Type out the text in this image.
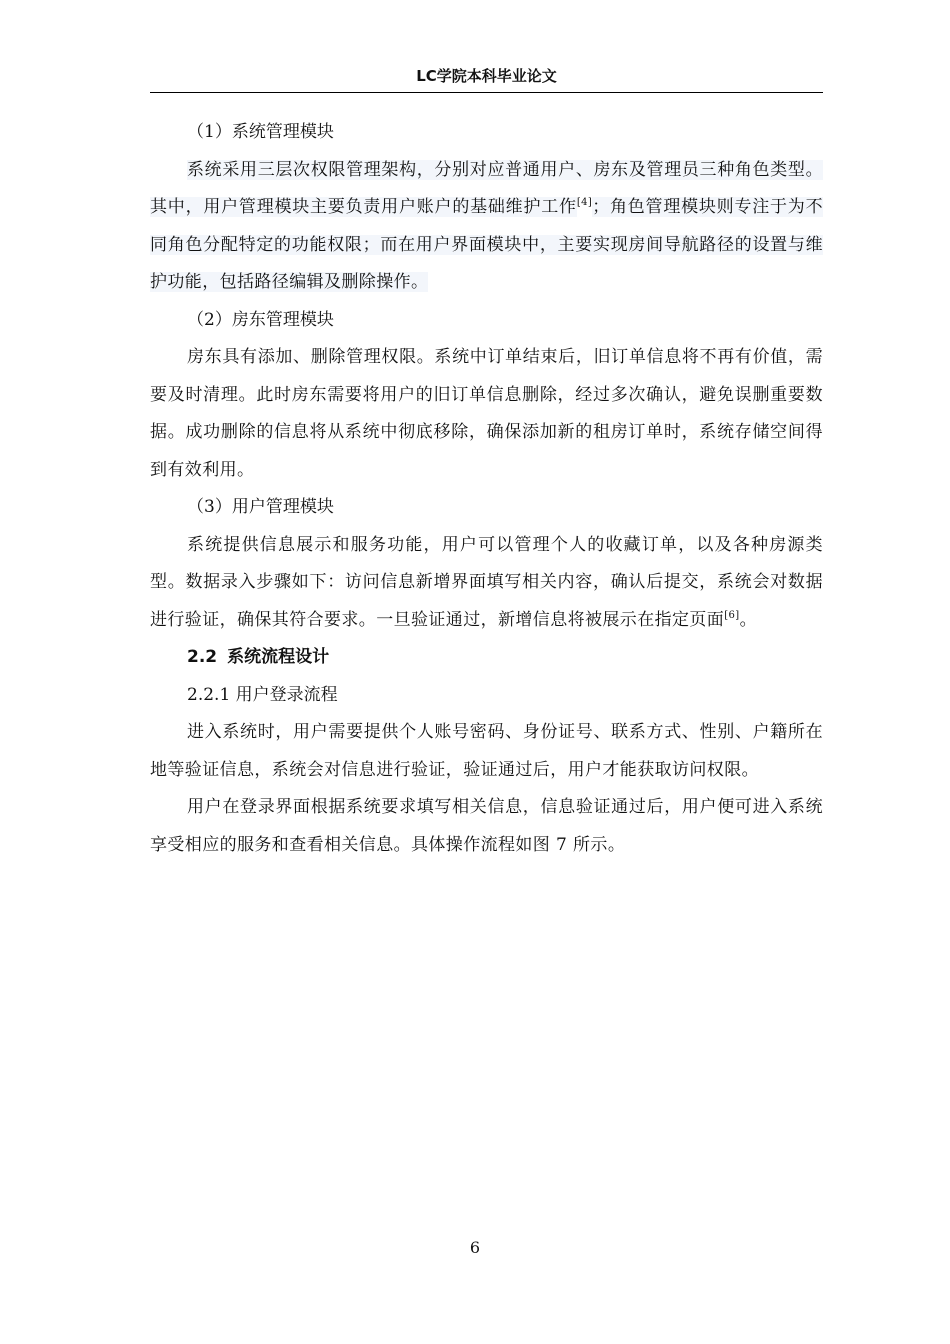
LC学院本科毕业论文

（1）系统管理模块

系统采用三层次权限管理架构，分别对应普通用户、房东及管理员三种角色类型。其中，用户管理模块主要负责用户账户的基础维护工作[4]；角色管理模块则专注于为不同角色分配特定的功能权限；而在用户界面模块中，主要实现房间导航路径的设置与维护功能，包括路径编辑及删除操作。

（2）房东管理模块

房东具有添加、删除管理权限。系统中订单结束后，旧订单信息将不再有价值，需要及时清理。此时房东需要将用户的旧订单信息删除，经过多次确认，避免误删重要数据。成功删除的信息将从系统中彻底移除，确保添加新的租房订单时，系统存储空间得到有效利用。

（3）用户管理模块

系统提供信息展示和服务功能，用户可以管理个人的收藏订单，以及各种房源类型。数据录入步骤如下：访问信息新增界面填写相关内容，确认后提交，系统会对数据进行验证，确保其符合要求。一旦验证通过，新增信息将被展示在指定页面[6]。

2.2 系统流程设计

2.2.1 用户登录流程

进入系统时，用户需要提供个人账号密码、身份证号、联系方式、性别、户籍所在地等验证信息，系统会对信息进行验证，验证通过后，用户才能获取访问权限。

用户在登录界面根据系统要求填写相关信息，信息验证通过后，用户便可进入系统享受相应的服务和查看相关信息。具体操作流程如图 7 所示。

6
